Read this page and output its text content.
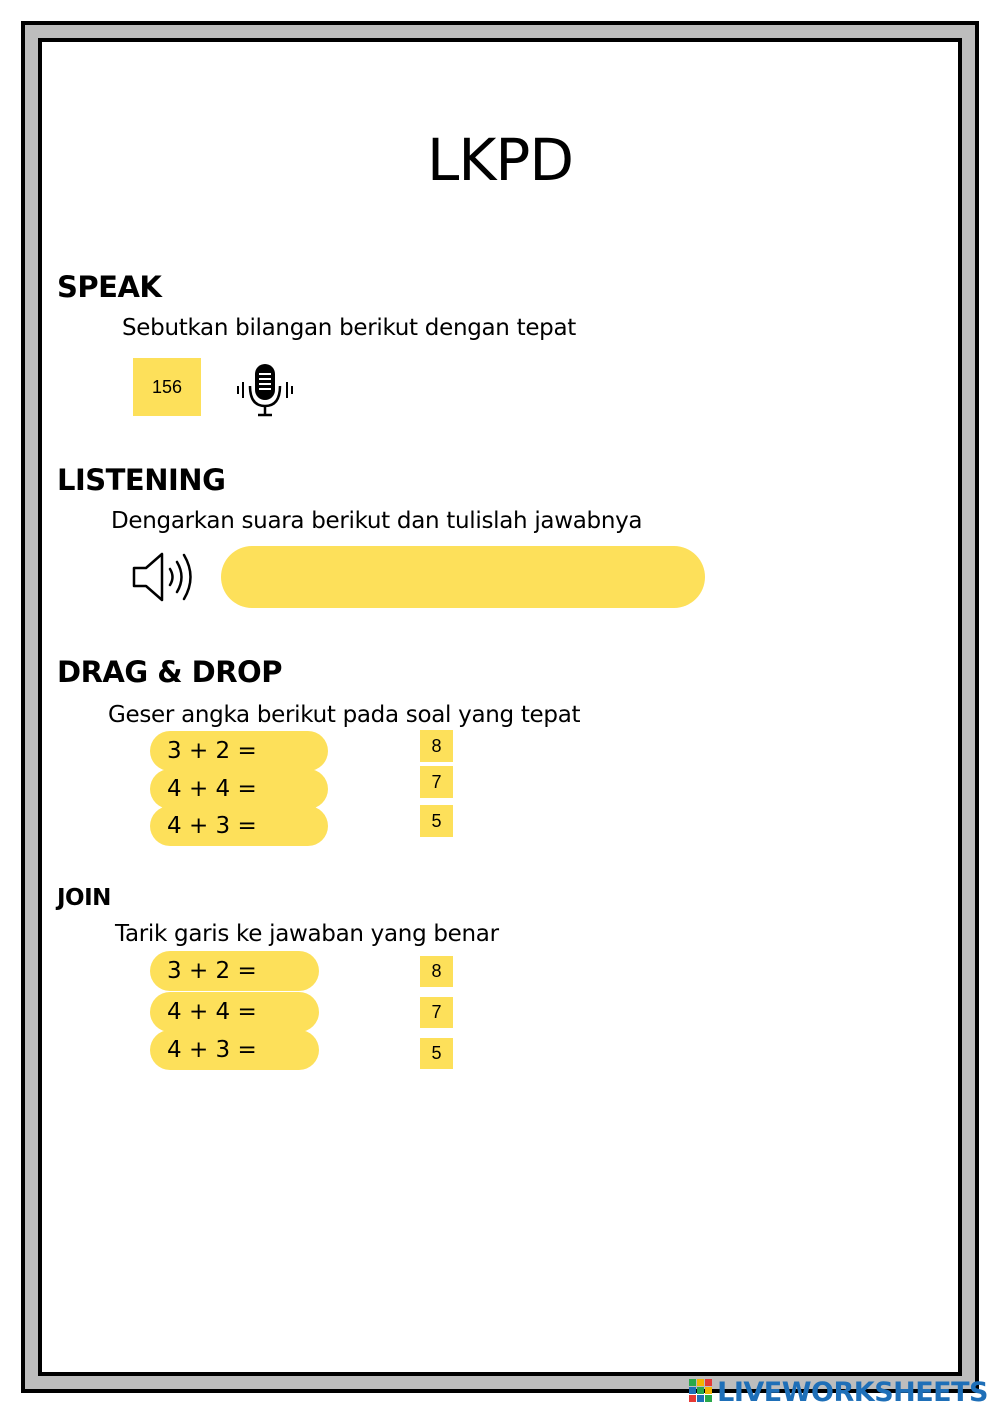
LKPD
SPEAK
Sebutkan bilangan berikut dengan tepat
156
LISTENING
Dengarkan suara berikut dan tulislah jawabnya
DRAG & DROP
Geser angka berikut pada soal yang tepat
3 + 2 =
4 + 4 =
4 + 3 =
8
7
5
JOIN
Tarik garis ke jawaban yang benar
3 + 2 =
4 + 4 =
4 + 3 =
8
7
5
LIVEWORKSHEETS
